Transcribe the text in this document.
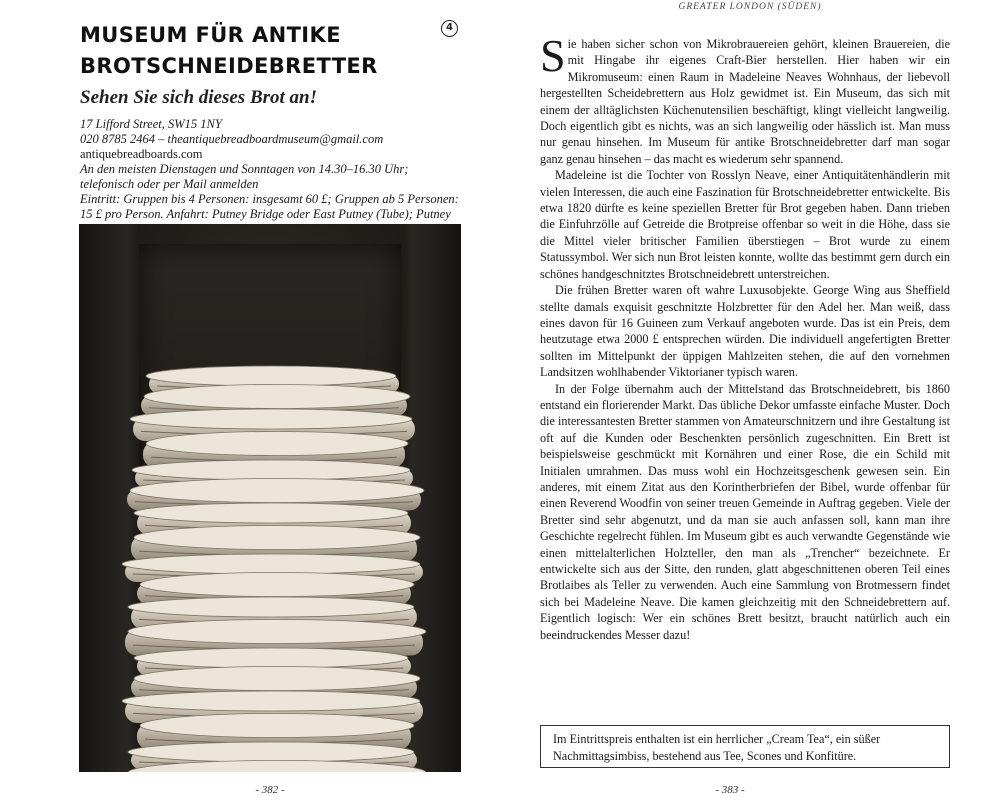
MUSEUM FÜR ANTIKE BROTSCHNEIDEBRETTER
4
Sehen Sie sich dieses Brot an!
17 Lifford Street, SW15 1NY
020 8785 2464 – theantiquebreadboardmuseum@gmail.com
antiquebreadboards.com
An den meisten Dienstagen und Sonntagen von 14.30–16.30 Uhr; telefonisch oder per Mail anmelden
Eintritt: Gruppen bis 4 Personen: insgesamt 60 £; Gruppen ab 5 Personen: 15 £ pro Person. Anfahrt: Putney Bridge oder East Putney (Tube); Putney
- 382 -
GREATER LONDON (SÜDEN)

Sie haben sicher schon von Mikrobrauereien gehört, kleinen Brauereien, die mit Hingabe ihr eigenes Craft-Bier herstellen. Hier haben wir ein Mikromuseum: einen Raum in Madeleine Neaves Wohnhaus, der liebevoll hergestellten Scheidebrettern aus Holz gewidmet ist. Ein Museum, das sich mit einem der alltäglichsten Küchenutensilien beschäftigt, klingt vielleicht langweilig. Doch eigentlich gibt es nichts, was an sich langweilig oder hässlich ist. Man muss nur genau hinsehen. Im Museum für antike Brotschneidebretter darf man sogar ganz genau hinsehen – das macht es wiederum sehr spannend.

Madeleine ist die Tochter von Rosslyn Neave, einer Antiquitätenhändlerin mit vielen Interessen, die auch eine Faszination für Brotschneidebretter entwickelte. Bis etwa 1820 dürfte es keine speziellen Bretter für Brot gegeben haben. Dann trieben die Einfuhrzölle auf Getreide die Brotpreise offenbar so weit in die Höhe, dass sie die Mittel vieler britischer Familien überstiegen – Brot wurde zu einem Statussymbol. Wer sich nun Brot leisten konnte, wollte das bestimmt gern durch ein schönes handgeschnitztes Brotschneidebrett unterstreichen.

Die frühen Bretter waren oft wahre Luxusobjekte. George Wing aus Sheffield stellte damals exquisit geschnitzte Holzbretter für den Adel her. Man weiß, dass eines davon für 16 Guineen zum Verkauf angeboten wurde. Das ist ein Preis, dem heutzutage etwa 2000 £ entsprechen würden. Die individuell angefertigten Bretter sollten im Mittelpunkt der üppigen Mahlzeiten stehen, die auf den vornehmen Landsitzen wohlhabender Viktorianer typisch waren.

In der Folge übernahm auch der Mittelstand das Brotschneidebrett, bis 1860 entstand ein florierender Markt. Das übliche Dekor umfasste einfache Muster. Doch die interessantesten Bretter stammen von Amateurschnitzern und ihre Gestaltung ist oft auf die Kunden oder Beschenkten persönlich zugeschnitten. Ein Brett ist beispielsweise geschmückt mit Kornähren und einer Rose, die ein Schild mit Initialen umrahmen. Das muss wohl ein Hochzeitsgeschenk gewesen sein. Ein anderes, mit einem Zitat aus den Korintherbriefen der Bibel, wurde offenbar für einen Reverend Woodfin von seiner treuen Gemeinde in Auftrag gegeben. Viele der Bretter sind sehr abgenutzt, und da man sie auch anfassen soll, kann man ihre Geschichte regelrecht fühlen. Im Museum gibt es auch verwandte Gegenstände wie einen mittelalterlichen Holzteller, den man als „Trencher“ bezeichnete. Er entwickelte sich aus der Sitte, den runden, glatt abgeschnittenen oberen Teil eines Brotlaibes als Teller zu verwenden. Auch eine Sammlung von Brotmessern findet sich bei Madeleine Neave. Die kamen gleichzeitig mit den Schneidebrettern auf. Eigentlich logisch: Wer ein schönes Brett besitzt, braucht natürlich auch ein beeindruckendes Messer dazu!

Im Eintrittspreis enthalten ist ein herrlicher „Cream Tea“, ein süßer Nachmittagsimbiss, bestehend aus Tee, Scones und Konfitüre.
- 383 -
